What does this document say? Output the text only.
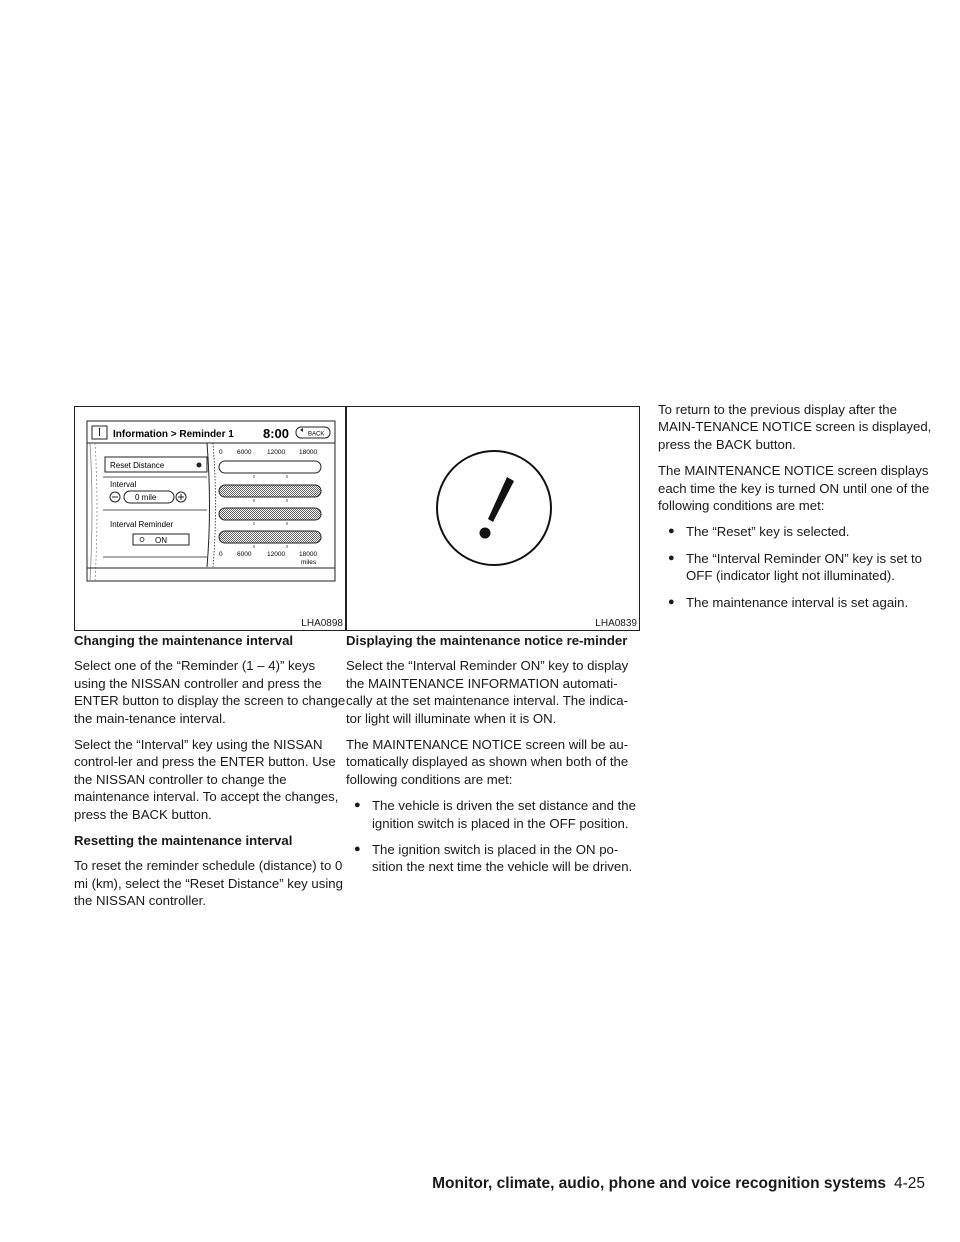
Information > Reminder 1 8:00	BACK
Reset Distance
Interval
0 mile
Interval Reminder
ON
0 6000 12000 18000
0 6000 12000 18000
miles
LHA0898	LHA0839

Changing the maintenance interval

Select one of the “Reminder (1 – 4)” keys using the NISSAN controller and press the ENTER button to display the screen to change the main-tenance interval.

Select the “Interval” key using the NISSAN control-ler and press the ENTER button. Use the NISSAN controller to change the maintenance interval. To accept the changes, press the BACK button.

Resetting the maintenance interval

To reset the reminder schedule (distance) to 0 mi (km), select the “Reset Distance” key using the NISSAN controller.

Displaying the maintenance notice re-minder

Select the “Interval Reminder ON” key to display the MAINTENANCE INFORMATION automati-cally at the set maintenance interval. The indica-tor light will illuminate when it is ON.

The MAINTENANCE NOTICE screen will be au-tomatically displayed as shown when both of the following conditions are met:

● The vehicle is driven the set distance and the ignition switch is placed in the OFF position.
● The ignition switch is placed in the ON po-sition the next time the vehicle will be driven.

To return to the previous display after the MAIN-TENANCE NOTICE screen is displayed, press the BACK button.

The MAINTENANCE NOTICE screen displays each time the key is turned ON until one of the following conditions are met:

● The “Reset” key is selected.
● The “Interval Reminder ON” key is set to OFF (indicator light not illuminated).
● The maintenance interval is set again.
Monitor, climate, audio, phone and voice recognition systems 4-25
